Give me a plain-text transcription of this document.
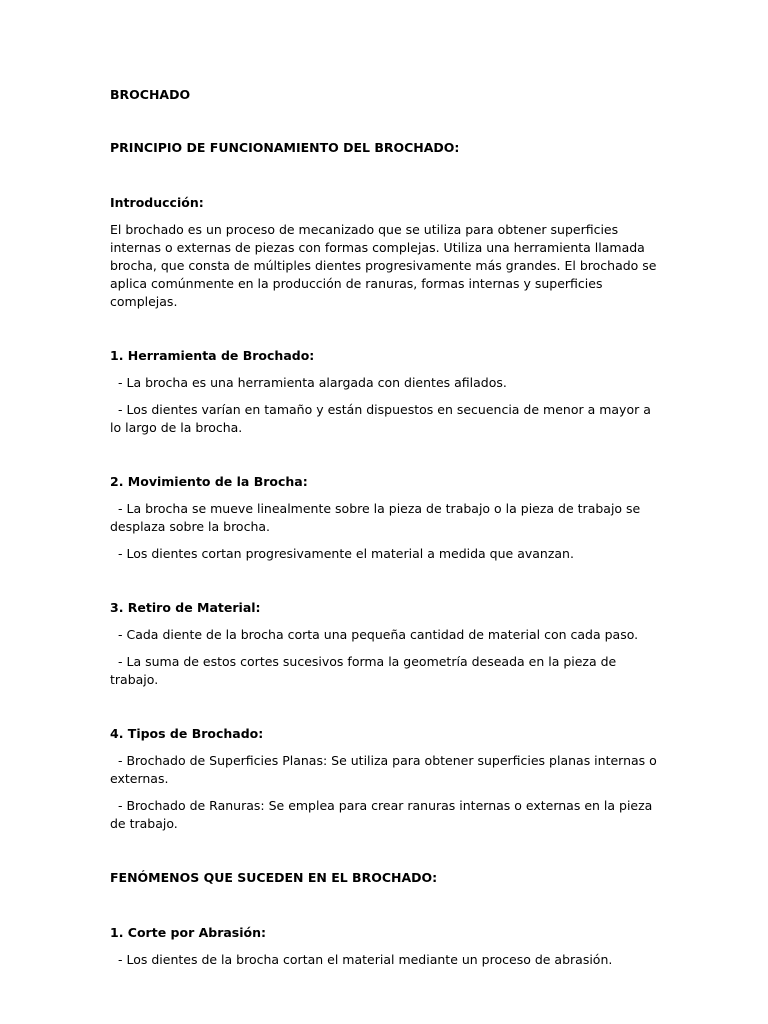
BROCHADO

PRINCIPIO DE FUNCIONAMIENTO DEL BROCHADO:

Introducción:

El brochado es un proceso de mecanizado que se utiliza para obtener superficies internas o externas de piezas con formas complejas. Utiliza una herramienta llamada brocha, que consta de múltiples dientes progresivamente más grandes. El brochado se aplica comúnmente en la producción de ranuras, formas internas y superficies complejas.

1. Herramienta de Brochado:

- La brocha es una herramienta alargada con dientes afilados.

- Los dientes varían en tamaño y están dispuestos en secuencia de menor a mayor a lo largo de la brocha.

2. Movimiento de la Brocha:

- La brocha se mueve linealmente sobre la pieza de trabajo o la pieza de trabajo se desplaza sobre la brocha.

- Los dientes cortan progresivamente el material a medida que avanzan.

3. Retiro de Material:

- Cada diente de la brocha corta una pequeña cantidad de material con cada paso.

- La suma de estos cortes sucesivos forma la geometría deseada en la pieza de trabajo.

4. Tipos de Brochado:

- Brochado de Superficies Planas: Se utiliza para obtener superficies planas internas o externas.

- Brochado de Ranuras: Se emplea para crear ranuras internas o externas en la pieza de trabajo.

FENÓMENOS QUE SUCEDEN EN EL BROCHADO:

1. Corte por Abrasión:

- Los dientes de la brocha cortan el material mediante un proceso de abrasión.
